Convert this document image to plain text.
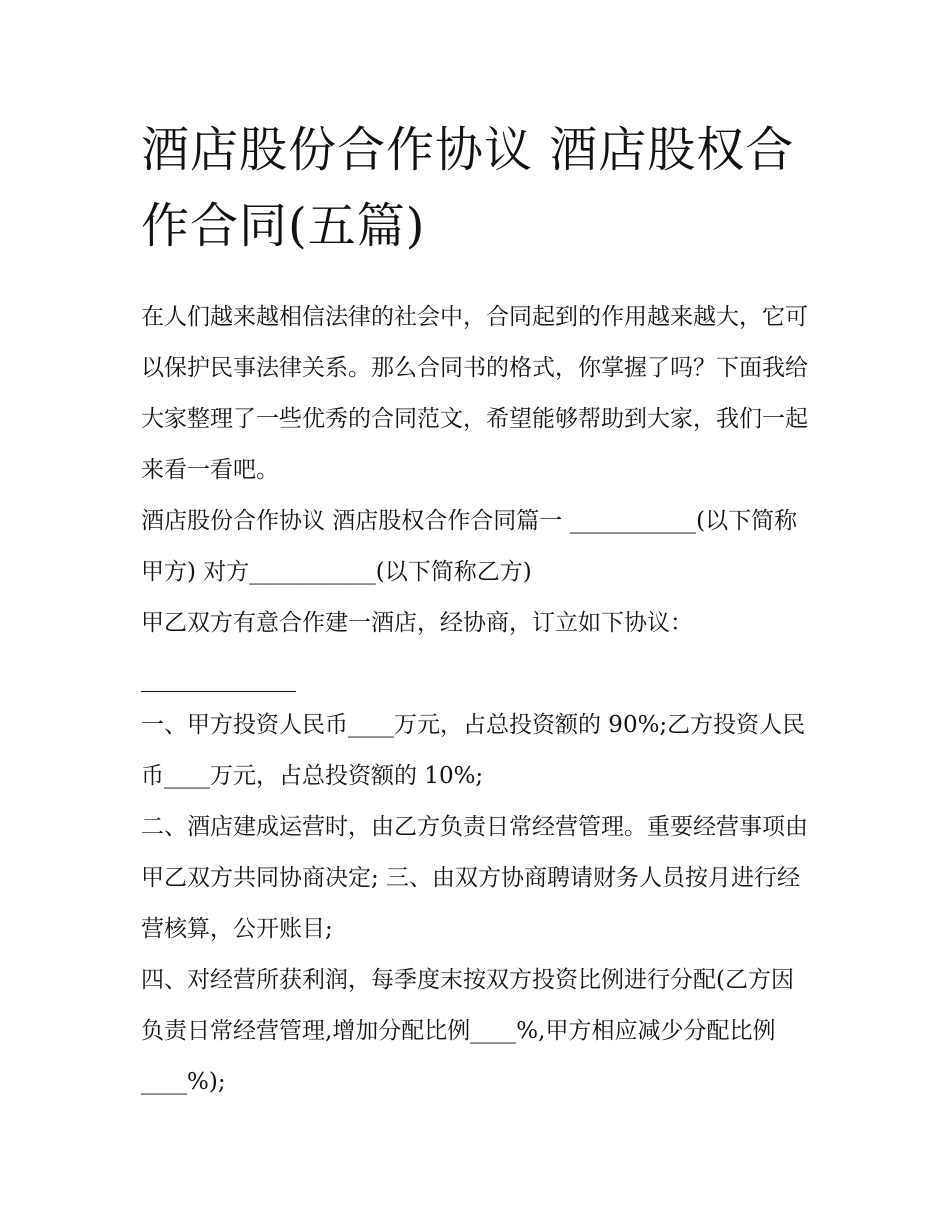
酒店股份合作协议 酒店股权合作合同(五篇)

在人们越来越相信法律的社会中，合同起到的作用越来越大，它可以保护民事法律关系。那么合同书的格式，你掌握了吗？下面我给大家整理了一些优秀的合同范文，希望能够帮助到大家，我们一起来看一看吧。

酒店股份合作协议 酒店股权合作合同篇一 ___________(以下简称甲方) 对方___________(以下简称乙方)

甲乙双方有意合作建一酒店，经协商，订立如下协议：

一、甲方投资人民币____万元，占总投资额的 90%;乙方投资人民币____万元，占总投资额的 10%;

二、酒店建成运营时，由乙方负责日常经营管理。重要经营事项由甲乙双方共同协商决定; 三、由双方协商聘请财务人员按月进行经营核算，公开账目;

四、对经营所获利润，每季度末按双方投资比例进行分配(乙方因负责日常经营管理,增加分配比例____%,甲方相应减少分配比例____%);
